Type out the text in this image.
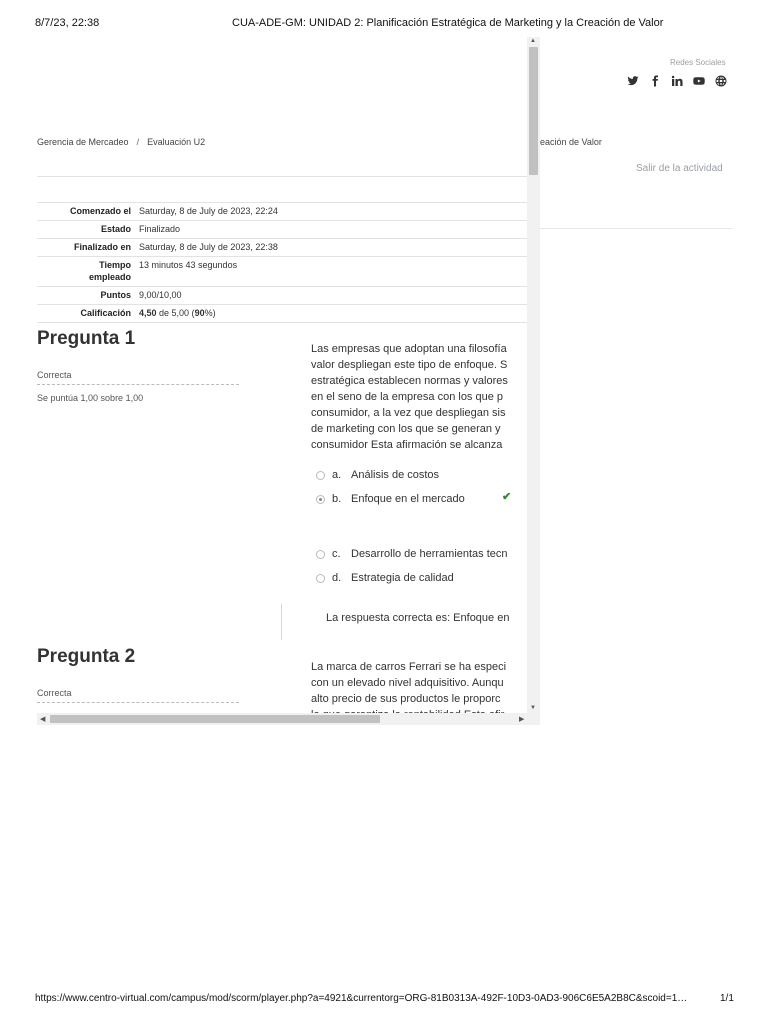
8/7/23, 22:38	CUA-ADE-GM: UNIDAD 2: Planificación Estratégica de Marketing y la Creación de Valor
Redes Sociales
eación de Valor
Salir de la actividad
Gerencia de Mercadeo / Evaluación U2
Comenzado el	Saturday, 8 de July de 2023, 22:24
Estado	Finalizado
Finalizado en	Saturday, 8 de July de 2023, 22:38
Tiempo
empleado	13 minutos 43 segundos
Puntos	9,00/10,00
Calificación	4,50 de 5,00 (90%)
Pregunta 1
Correcta
Se puntúa 1,00 sobre 1,00
Las empresas que adoptan una filosofía
valor despliegan este tipo de enfoque. S
estratégica establecen normas y valores
en el seno de la empresa con los que p
consumidor, a la vez que despliegan sis
de marketing con los que se generan y
consumidor Esta afirmación se alcanza
a. Análisis de costos
b. Enfoque en el mercado	✔
c. Desarrollo de herramientas tecn
d. Estrategia de calidad
La respuesta correcta es: Enfoque en
Pregunta 2
Correcta
La marca de carros Ferrari se ha especi
con un elevado nivel adquisitivo. Aunqu
alto precio de sus productos le proporc
▲
▼
◀	▶
https://www.centro-virtual.com/campus/mod/scorm/player.php?a=4921&currentorg=ORG-81B0313A-492F-10D3-0AD3-906C6E5A2B8C&scoid=1…	1/1
